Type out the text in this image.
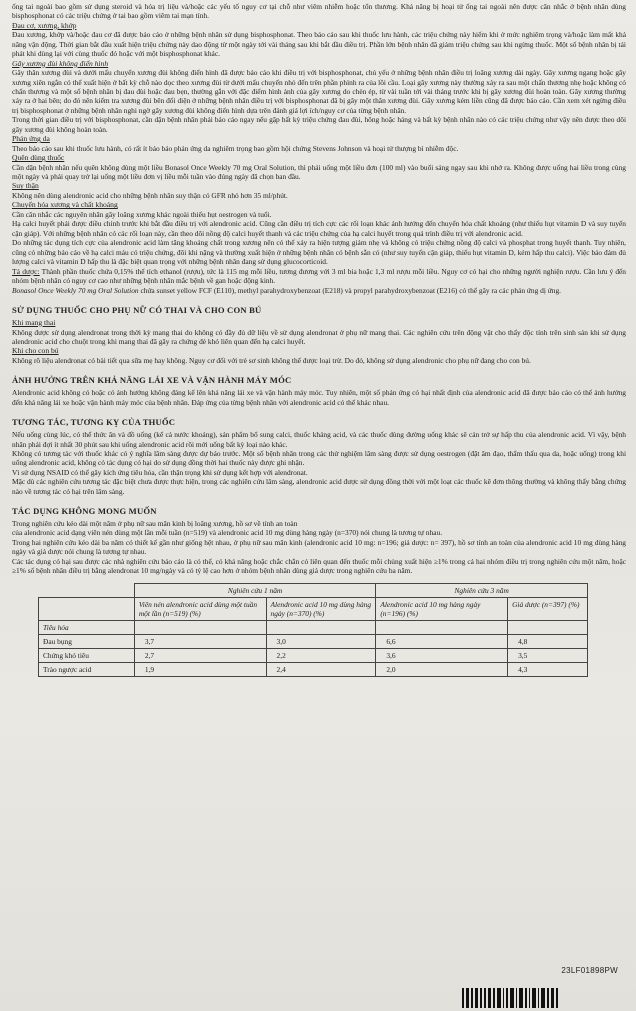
ống tai ngoài bao gồm sử dụng steroid và hóa trị liệu và/hoặc các yếu tố nguy cơ tại chỗ như viêm nhiễm hoặc tổn thương. Khả năng bị hoại tử ống tai ngoài nên được cân nhắc ở bệnh nhân dùng bisphosphonat có các triệu chứng ở tai bao gồm viêm tai mạn tính.

Đau cơ, xương, khớp

Đau xương, khớp và/hoặc đau cơ đã được báo cáo ở những bệnh nhân sử dụng bisphosphonat. Theo báo cáo sau khi thuốc lưu hành, các triệu chứng này hiếm khi ở mức nghiêm trọng và/hoặc làm mất khả năng vận động. Thời gian bắt đầu xuất hiện triệu chứng này dao động từ một ngày tới vài tháng sau khi bắt đầu điều trị. Phần lớn bệnh nhân đã giảm triệu chứng sau khi ngừng thuốc. Một số bệnh nhân bị tái phát khi dùng lại với cùng thuốc đó hoặc với một bisphosphonat khác.

Gãy xương đùi không điển hình

Gãy thân xương đùi và dưới mấu chuyển xương đùi không điển hình đã được báo cáo khi điều trị với bisphosphonat, chủ yếu ở những bệnh nhân điều trị loãng xương dài ngày. Gãy xương ngang hoặc gãy xương xiên ngắn có thể xuất hiện ở bất kỳ chỗ nào dọc theo xương đùi từ dưới mấu chuyển nhỏ đến trên phần phình ra của lồi cầu. Loại gãy xương này thường xảy ra sau một chấn thương nhẹ hoặc không có chấn thương và một số bệnh nhân bị đau đùi hoặc đau bẹn, thường gắn với đặc điểm hình ảnh của gãy xương do chèn ép, từ vài tuần tới vài tháng trước khi bị gãy xương đùi hoàn toàn. Gãy xương thường xảy ra ở hai bên; do đó nên kiểm tra xương đùi bên đối diện ở những bệnh nhân điều trị với bisphosphonat đã bị gãy một thân xương đùi. Gãy xương kém liền cũng đã được báo cáo. Cần xem xét ngừng điều trị bisphosphonat ở những bệnh nhân nghi ngờ gãy xương đùi không điển hình dựa trên đánh giá lợi ích/nguy cơ của từng bệnh nhân.

Trong thời gian điều trị với bisphosphonat, cần dặn bệnh nhân phải báo cáo ngay nếu gặp bất kỳ triệu chứng đau đùi, hông hoặc háng và bất kỳ bệnh nhân nào có các triệu chứng như vậy nên được theo dõi gãy xương đùi không hoàn toàn.

Phản ứng da

Theo báo cáo sau khi thuốc lưu hành, có rất ít báo báo phản ứng da nghiêm trọng bao gồm hội chứng Stevens Johnson và hoại tử thượng bì nhiễm độc.

Quên dùng thuốc

Cần dặn bệnh nhân nếu quên không dùng một liều Bonasol Once Weekly 70 mg Oral Solution, thì phải uống một liều đơn (100 ml) vào buổi sáng ngay sau khi nhớ ra. Không được uống hai liều trong cùng một ngày và phải quay trở lại uống một liều đơn vị liều mỗi tuần vào đúng ngày đã chọn ban đầu.

Suy thận

Không nên dùng alendronic acid cho những bệnh nhân suy thận có GFR nhỏ hơn 35 ml/phút.

Chuyển hóa xương và chất khoáng

Cần cân nhắc các nguyên nhân gây loãng xương khác ngoài thiếu hụt oestrogen và tuổi.

Hạ calci huyết phải được điều chỉnh trước khi bắt đầu điều trị với alendronic acid. Cũng cần điều trị tích cực các rối loạn khác ảnh hưởng đến chuyển hóa chất khoáng (như thiếu hụt vitamin D và suy tuyến cận giáp). Với những bệnh nhân có các rối loạn này, cần theo dõi nồng độ calci huyết thanh và các triệu chứng của hạ calci huyết trong quá trình điều trị với alendronic acid.

Do những tác dụng tích cực của alendronic acid làm tăng khoáng chất trong xương nên có thể xảy ra hiện tượng giảm nhẹ và không có triệu chứng nồng độ calci và phosphat trong huyết thanh. Tuy nhiên, cũng có những báo cáo về hạ calci máu có triệu chứng, đôi khi nặng và thường xuất hiện ở những bệnh nhân có bệnh sẵn có (như suy tuyến cận giáp, thiếu hụt vitamin D, kém hấp thu calci). Việc bảo đảm đủ lượng calci và vitamin D hấp thu là đặc biệt quan trọng với những bệnh nhân đang sử dụng glucocorticoid.

Tá dược: Thành phần thuốc chứa 0,15% thể tích ethanol (rượu), tức là 115 mg mỗi liều, tương đương với 3 ml bia hoặc 1,3 ml rượu mỗi liều. Nguy cơ có hại cho những người nghiện rượu. Cần lưu ý đến nhóm bệnh nhân có nguy cơ cao như những bệnh nhân mắc bệnh về gan hoặc động kinh.

Bonasol Once Weekly 70 mg Oral Solution chứa sunset yellow FCF (E110), methyl parahydroxybenzoat (E218) và propyl parahydroxybenzoat (E216) có thể gây ra các phản ứng dị ứng.

SỬ DỤNG THUỐC CHO PHỤ NỮ CÓ THAI VÀ CHO CON BÚ

Khi mang thai

Không được sử dụng alendronat trong thời kỳ mang thai do không có đầy đủ dữ liệu về sử dụng alendronat ở phụ nữ mang thai. Các nghiên cứu trên động vật cho thấy độc tính trên sinh sản khi sử dụng alendronic acid cho chuột trong khi mang thai đã gây ra chứng đẻ khó liên quan đến hạ calci huyết.

Khi cho con bú

Không rõ liệu alendronat có bài tiết qua sữa mẹ hay không. Nguy cơ đối với trẻ sơ sinh không thể được loại trừ. Do đó, không sử dụng alendronic cho phụ nữ đang cho con bú.

ẢNH HƯỞNG TRÊN KHẢ NĂNG LÁI XE VÀ VẬN HÀNH MÁY MÓC

Alendronic acid không có hoặc có ảnh hưởng không đáng kể lên khả năng lái xe và vận hành máy móc. Tuy nhiên, một số phản ứng có hại nhất định của alendronic acid đã được báo cáo có thể ảnh hưởng đến khả năng lái xe hoặc vận hành máy móc của bệnh nhân. Đáp ứng của từng bệnh nhân với alendronic acid có thể khác nhau.

TƯƠNG TÁC, TƯƠNG KỴ CỦA THUỐC

Nếu uống cùng lúc, có thể thức ăn và đồ uống (kể cả nước khoáng), sản phẩm bổ sung calci, thuốc kháng acid, và các thuốc dùng đường uống khác sẽ cản trở sự hấp thu của alendronic acid. Vì vậy, bệnh nhân phải đợi ít nhất 30 phút sau khi uống alendronic acid rồi mới uống bất kỳ loại nào khác.

Không có tương tác với thuốc khác có ý nghĩa lâm sàng được dự báo trước. Một số bệnh nhân trong các thử nghiệm lâm sàng được sử dụng oestrogen (đặt âm đạo, thẩm thấu qua da, hoặc uống) trong khi uống alendronic acid, không có tác dụng có hại do sử dụng đồng thời hai thuốc này được ghi nhận.

Vì sử dụng NSAID có thể gây kích ứng tiêu hóa, cần thận trọng khi sử dụng kết hợp với alendronat.

Mặc dù các nghiên cứu tương tác đặc biệt chưa được thực hiện, trong các nghiên cứu lâm sàng, alendronic acid được sử dụng đồng thời với một loạt các thuốc kê đơn thông thường và không thấy bằng chứng nào về tương tác có hại trên lâm sàng.

TÁC DỤNG KHÔNG MONG MUỐN

Trong nghiên cứu kéo dài một năm ở phụ nữ sau mãn kinh bị loãng xương, hồ sơ về tính an toàn

của alendronic acid dạng viên nén dùng một lần mỗi tuần (n=519) và alendronic acid 10 mg dùng hàng ngày (n=370) nói chung là tương tự nhau.

Trong hai nghiên cứu kéo dài ba năm có thiết kế gần như giống hệt nhau, ở phụ nữ sau mãn kinh (alendronic acid 10 mg: n=196; giả dược: n= 397), hồ sơ tính an toàn của alendronic acid 10 mg dùng hàng ngày và giả dược nói chung là tương tự nhau.

Các tác dụng có hại sau được các nhà nghiên cứu báo cáo là có thể, có khả năng hoặc chắc chắn có liên quan đến thuốc mỗi chủng xuất hiện ≥1% trong cả hai nhóm điều trị trong nghiên cứu một năm, hoặc ≥1% số bệnh nhân điều trị bằng alendronat 10 mg/ngày và có tỷ lệ cao hơn ở nhóm bệnh nhân dùng giả dược trong nghiên cứu ba năm.

	Nghiên cứu 1 năm		Nghiên cứu 3 năm	
	Viên nén alendronic acid dùng một tuần một lần (n=519) (%)	Alendronic acid 10 mg dùng hàng ngày (n=370) (%)	Alendronic acid 10 mg hàng ngày (n=196) (%)	Giả dược (n=397) (%)
Tiêu hóa				
Đau bụng	3,7	3,0	6,6	4,8
Chứng khó tiêu	2,7	2,2	3,6	3,5
Trào ngược acid	1,9	2,4	2,0	4,3
23LF01898PW
